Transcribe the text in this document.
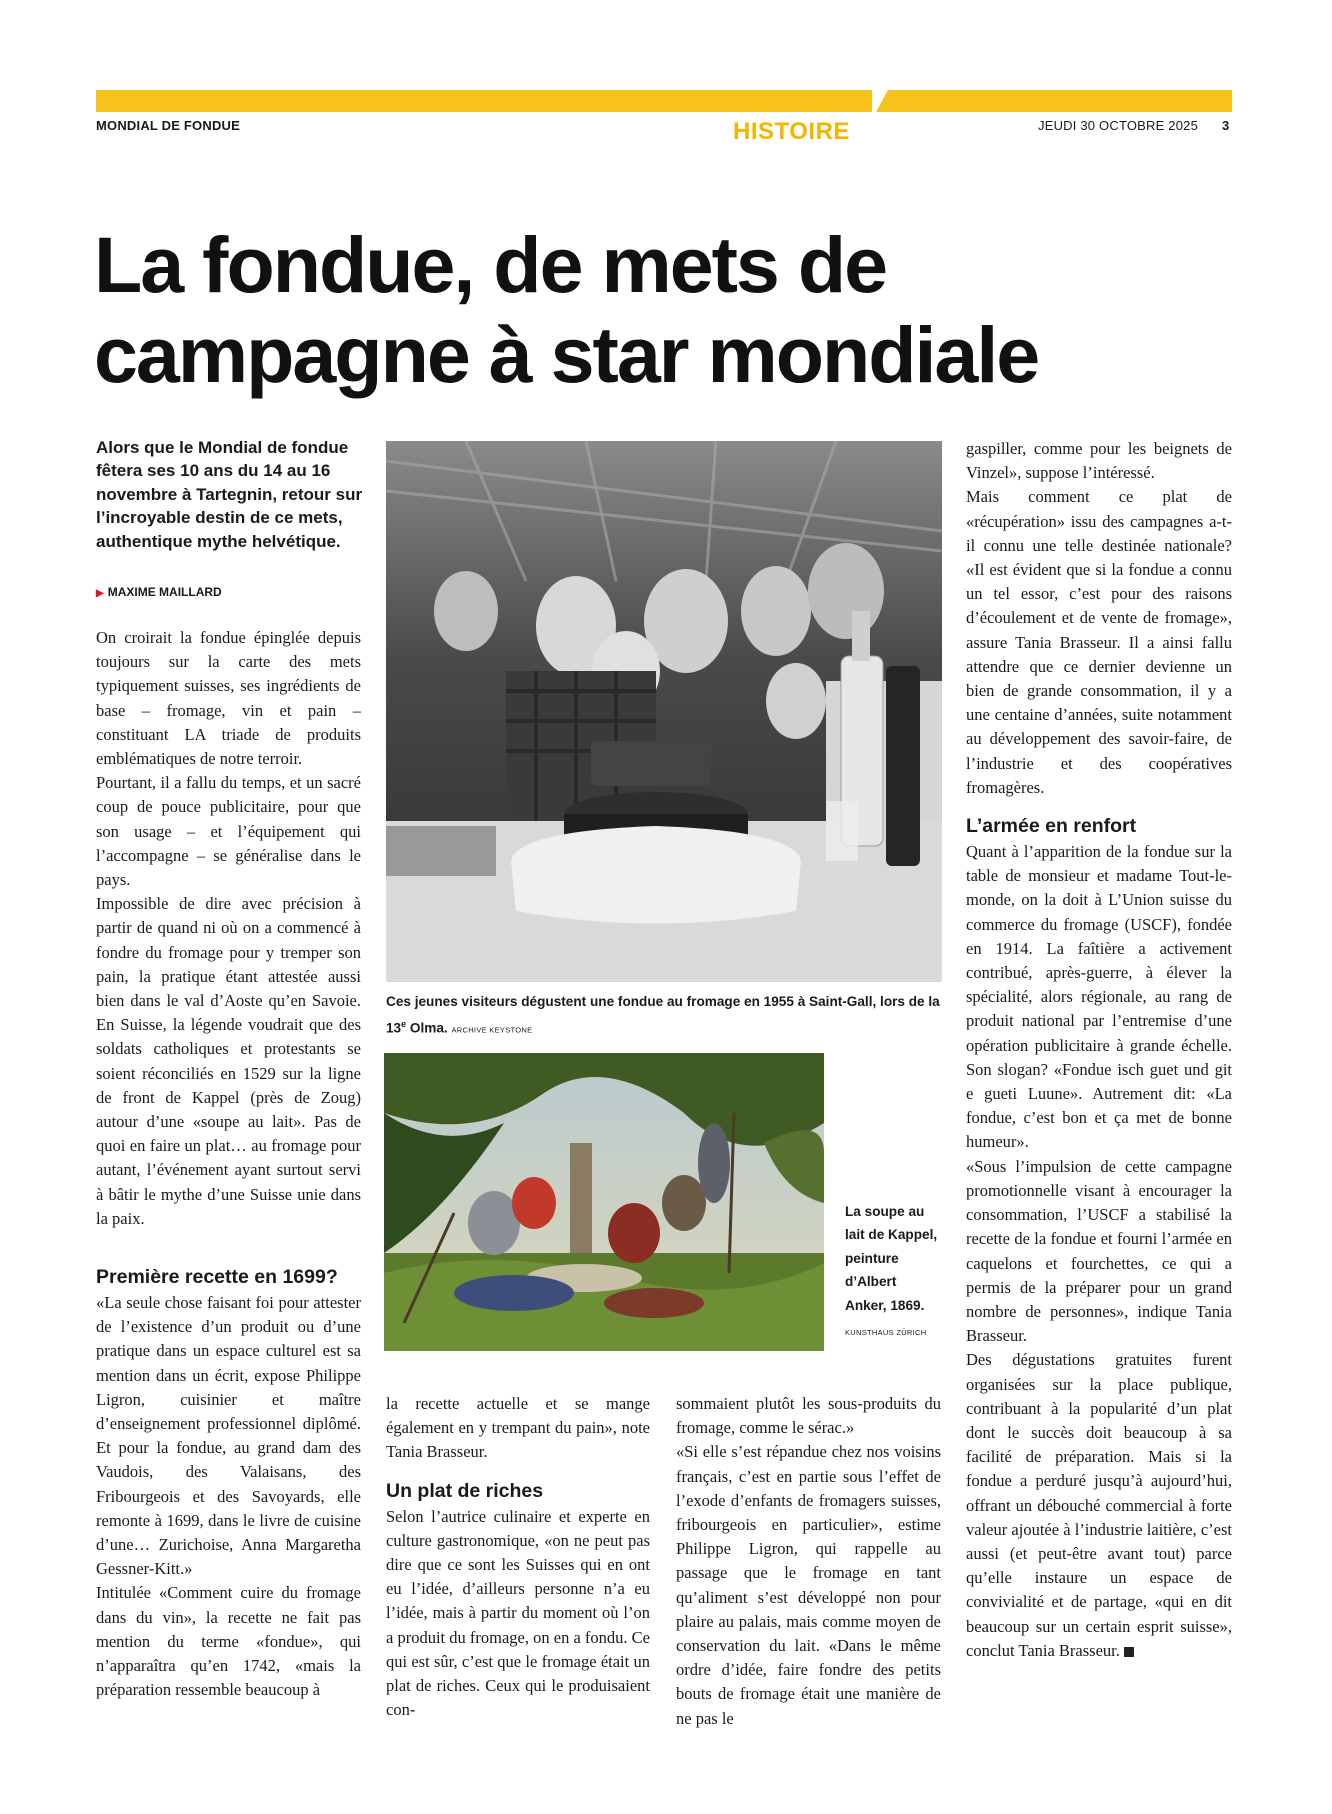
MONDIAL DE FONDUE	HISTOIRE	JEUDI 30 OCTOBRE 2025 3
La fondue, de mets de campagne à star mondiale
Alors que le Mondial de fondue fêtera ses 10 ans du 14 au 16 novembre à Tartegnin, retour sur l’incroyable destin de ce mets, authentique mythe helvétique.
▶ MAXIME MAILLARD

On croirait la fondue épinglée depuis toujours sur la carte des mets typiquement suisses, ses ingrédients de base – fromage, vin et pain – constituant LA triade de produits emblématiques de notre terroir.

Pourtant, il a fallu du temps, et un sacré coup de pouce publicitaire, pour que son usage – et l’équipement qui l’accompagne – se généralise dans le pays.

Impossible de dire avec précision à partir de quand ni où on a commencé à fondre du fromage pour y tremper son pain, la pratique étant attestée aussi bien dans le val d’Aoste qu’en Savoie. En Suisse, la légende voudrait que des soldats catholiques et protestants se soient réconciliés en 1529 sur la ligne de front de Kappel (près de Zoug) autour d’une «soupe au lait». Pas de quoi en faire un plat… au fromage pour autant, l’événement ayant surtout servi à bâtir le mythe d’une Suisse unie dans la paix.

Première recette en 1699?

«La seule chose faisant foi pour attester de l’existence d’un produit ou d’une pratique dans un espace culturel est sa mention dans un écrit, expose Philippe Ligron, cuisinier et maître d’enseignement professionnel diplômé. Et pour la fondue, au grand dam des Vaudois, des Valaisans, des Fribourgeois et des Savoyards, elle remonte à 1699, dans le livre de cuisine d’une… Zurichoise, Anna Margaretha Gessner-Kitt.»

Intitulée «Comment cuire du fromage dans du vin», la recette ne fait pas mention du terme «fondue», qui n’apparaîtra qu’en 1742, «mais la préparation ressemble beaucoup à

Ces jeunes visiteurs dégustent une fondue au fromage en 1955 à Saint-Gall, lors de la 13e Olma. ARCHIVE KEYSTONE
La soupe au lait de Kappel, peinture d’Albert Anker, 1869.
KUNSTHAUS ZÜRICH

la recette actuelle et se mange également en y trempant du pain», note Tania Brasseur.

Un plat de riches

Selon l’autrice culinaire et experte en culture gastronomique, «on ne peut pas dire que ce sont les Suisses qui en ont eu l’idée, d’ailleurs personne n’a eu l’idée, mais à partir du moment où l’on a produit du fromage, on en a fondu. Ce qui est sûr, c’est que le fromage était un plat de riches. Ceux qui le produisaient con-

sommaient plutôt les sous-produits du fromage, comme le sérac.»

«Si elle s’est répandue chez nos voisins français, c’est en partie sous l’effet de l’exode d’enfants de fromagers suisses, fribourgeois en particulier», estime Philippe Ligron, qui rappelle au passage que le fromage en tant qu’aliment s’est développé non pour plaire au palais, mais comme moyen de conservation du lait. «Dans le même ordre d’idée, faire fondre des petits bouts de fromage était une manière de ne pas le

gaspiller, comme pour les beignets de Vinzel», suppose l’intéressé.

Mais comment ce plat de «récupération» issu des campagnes a-t-il connu une telle destinée nationale? «Il est évident que si la fondue a connu un tel essor, c’est pour des raisons d’écoulement et de vente de fromage», assure Tania Brasseur. Il a ainsi fallu attendre que ce dernier devienne un bien de grande consommation, il y a une centaine d’années, suite notamment au développement des savoir-faire, de l’industrie et des coopératives fromagères.

L’armée en renfort

Quant à l’apparition de la fondue sur la table de monsieur et madame Tout-le-monde, on la doit à L’Union suisse du commerce du fromage (USCF), fondée en 1914. La faîtière a activement contribué, après-guerre, à élever la spécialité, alors régionale, au rang de produit national par l’entremise d’une opération publicitaire à grande échelle. Son slogan? «Fondue isch guet und git e gueti Luune». Autrement dit: «La fondue, c’est bon et ça met de bonne humeur».

«Sous l’impulsion de cette campagne promotionnelle visant à encourager la consommation, l’USCF a stabilisé la recette de la fondue et fourni l’armée en caquelons et fourchettes, ce qui a permis de la préparer pour un grand nombre de personnes», indique Tania Brasseur.

Des dégustations gratuites furent organisées sur la place publique, contribuant à la popularité d’un plat dont le succès doit beaucoup à sa facilité de préparation. Mais si la fondue a perduré jusqu’à aujourd’hui, offrant un débouché commercial à forte valeur ajoutée à l’industrie laitière, c’est aussi (et peut-être avant tout) parce qu’elle instaure un espace de convivialité et de partage, «qui en dit beaucoup sur un certain esprit suisse», conclut Tania Brasseur.
